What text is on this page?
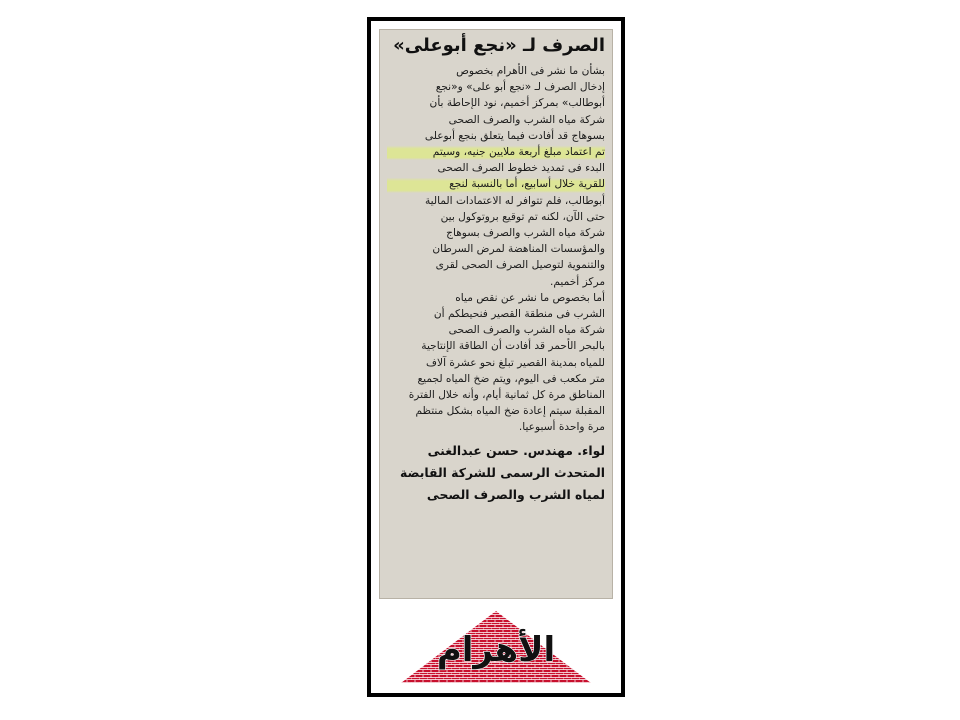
الصرف لـ «نجع أبوعلى»
بشأن ما نشر فى الأهرام بخصوص
إدخال الصرف لـ «نجع أبو على» و«نجع
أبوطالب» بمركز أخميم، نود الإحاطة بأن
شركة مياه الشرب والصرف الصحى
بسوهاج قد أفادت فيما يتعلق بنجع أبوعلى
تم اعتماد مبلغ أربعة ملايين جنيه، وسيتم
البدء فى تمديد خطوط الصرف الصحى
للقرية خلال أسابيع، أما بالنسبة لنجع
أبوطالب، فلم تتوافر له الاعتمادات المالية
حتى الآن، لكنه تم توقيع بروتوكول بين
شركة مياه الشرب والصرف بسوهاج
والمؤسسات المناهضة لمرض السرطان
والتنموية لتوصيل الصرف الصحى لقرى
مركز أخميم.
أما بخصوص ما نشر عن نقص مياه
الشرب فى منطقة القصير فنحيطكم أن
شركة مياه الشرب والصرف الصحى
بالبحر الأحمر قد أفادت أن الطاقة الإنتاجية
للمياه بمدينة القصير تبلغ نحو عشرة آلاف
متر مكعب فى اليوم، ويتم ضخ المياه لجميع
المناطق مرة كل ثمانية أيام، وأنه خلال الفترة
المقبلة سيتم إعادة ضخ المياه بشكل منتظم
مرة واحدة أسبوعيا.
لواء. مهندس. حسن عبدالغنى
المتحدث الرسمى للشركة القابضة
لمياه الشرب والصرف الصحى
الأهرام
